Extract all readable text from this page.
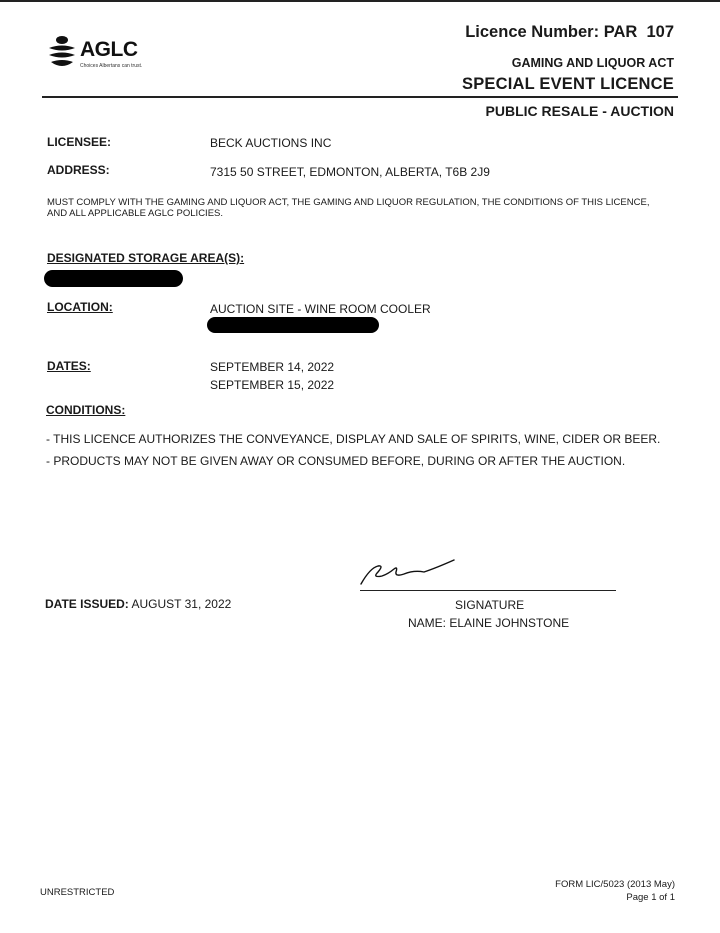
AGLC
Choices Albertans can trust.
Licence Number: PAR  107
GAMING AND LIQUOR ACT
SPECIAL EVENT LICENCE
PUBLIC RESALE - AUCTION
LICENSEE:	BECK AUCTIONS INC
ADDRESS:	7315 50 STREET, EDMONTON, ALBERTA, T6B 2J9
MUST COMPLY WITH THE GAMING AND LIQUOR ACT, THE GAMING AND LIQUOR REGULATION, THE CONDITIONS OF THIS LICENCE, AND ALL APPLICABLE AGLC POLICIES.
DESIGNATED STORAGE AREA(S):
LOCATION:	AUCTION SITE - WINE ROOM COOLER
DATES:	SEPTEMBER 14, 2022
SEPTEMBER 15, 2022
CONDITIONS:
- THIS LICENCE AUTHORIZES THE CONVEYANCE, DISPLAY AND SALE OF SPIRITS, WINE, CIDER OR BEER.
- PRODUCTS MAY NOT BE GIVEN AWAY OR CONSUMED BEFORE, DURING OR AFTER THE AUCTION.
SIGNATURE
NAME: ELAINE JOHNSTONE
DATE ISSUED: AUGUST 31, 2022
UNRESTRICTED
FORM LIC/5023 (2013 May)
Page 1 of 1
